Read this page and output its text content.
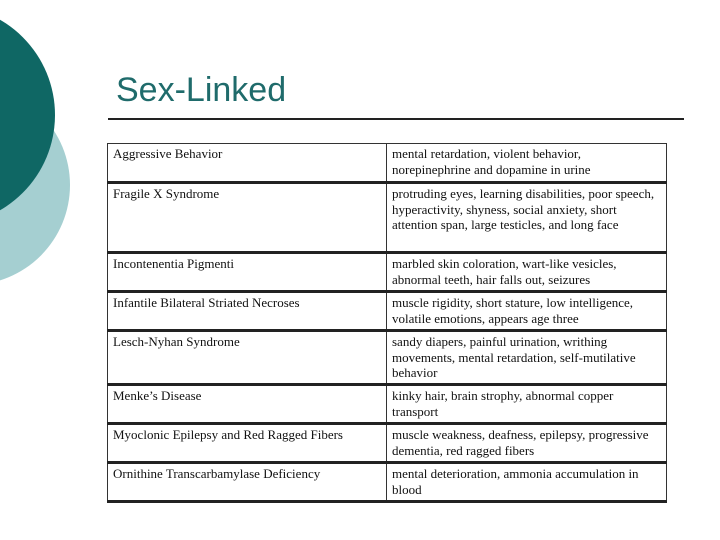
Sex-Linked
Aggressive Behavior	mental retardation, violent behavior, norepinephrine and dopamine in urine
Fragile X Syndrome	protruding eyes, learning disabilities, poor speech, hyperactivity, shyness, social anxiety, short attention span, large testicles, and long face
Incontenentia Pigmenti	marbled skin coloration, wart-like vesicles, abnormal teeth, hair falls out, seizures
Infantile Bilateral Striated Necroses	muscle rigidity, short stature, low intelligence, volatile emotions, appears age three
Lesch-Nyhan Syndrome	sandy diapers, painful urination, writhing movements, mental retardation, self-mutilative behavior
Menke’s Disease	kinky hair, brain strophy, abnormal copper transport
Myoclonic Epilepsy and Red Ragged Fibers	muscle weakness, deafness, epilepsy, progressive dementia, red ragged fibers
Ornithine Transcarbamylase Deficiency	mental deterioration, ammonia accumulation in blood
